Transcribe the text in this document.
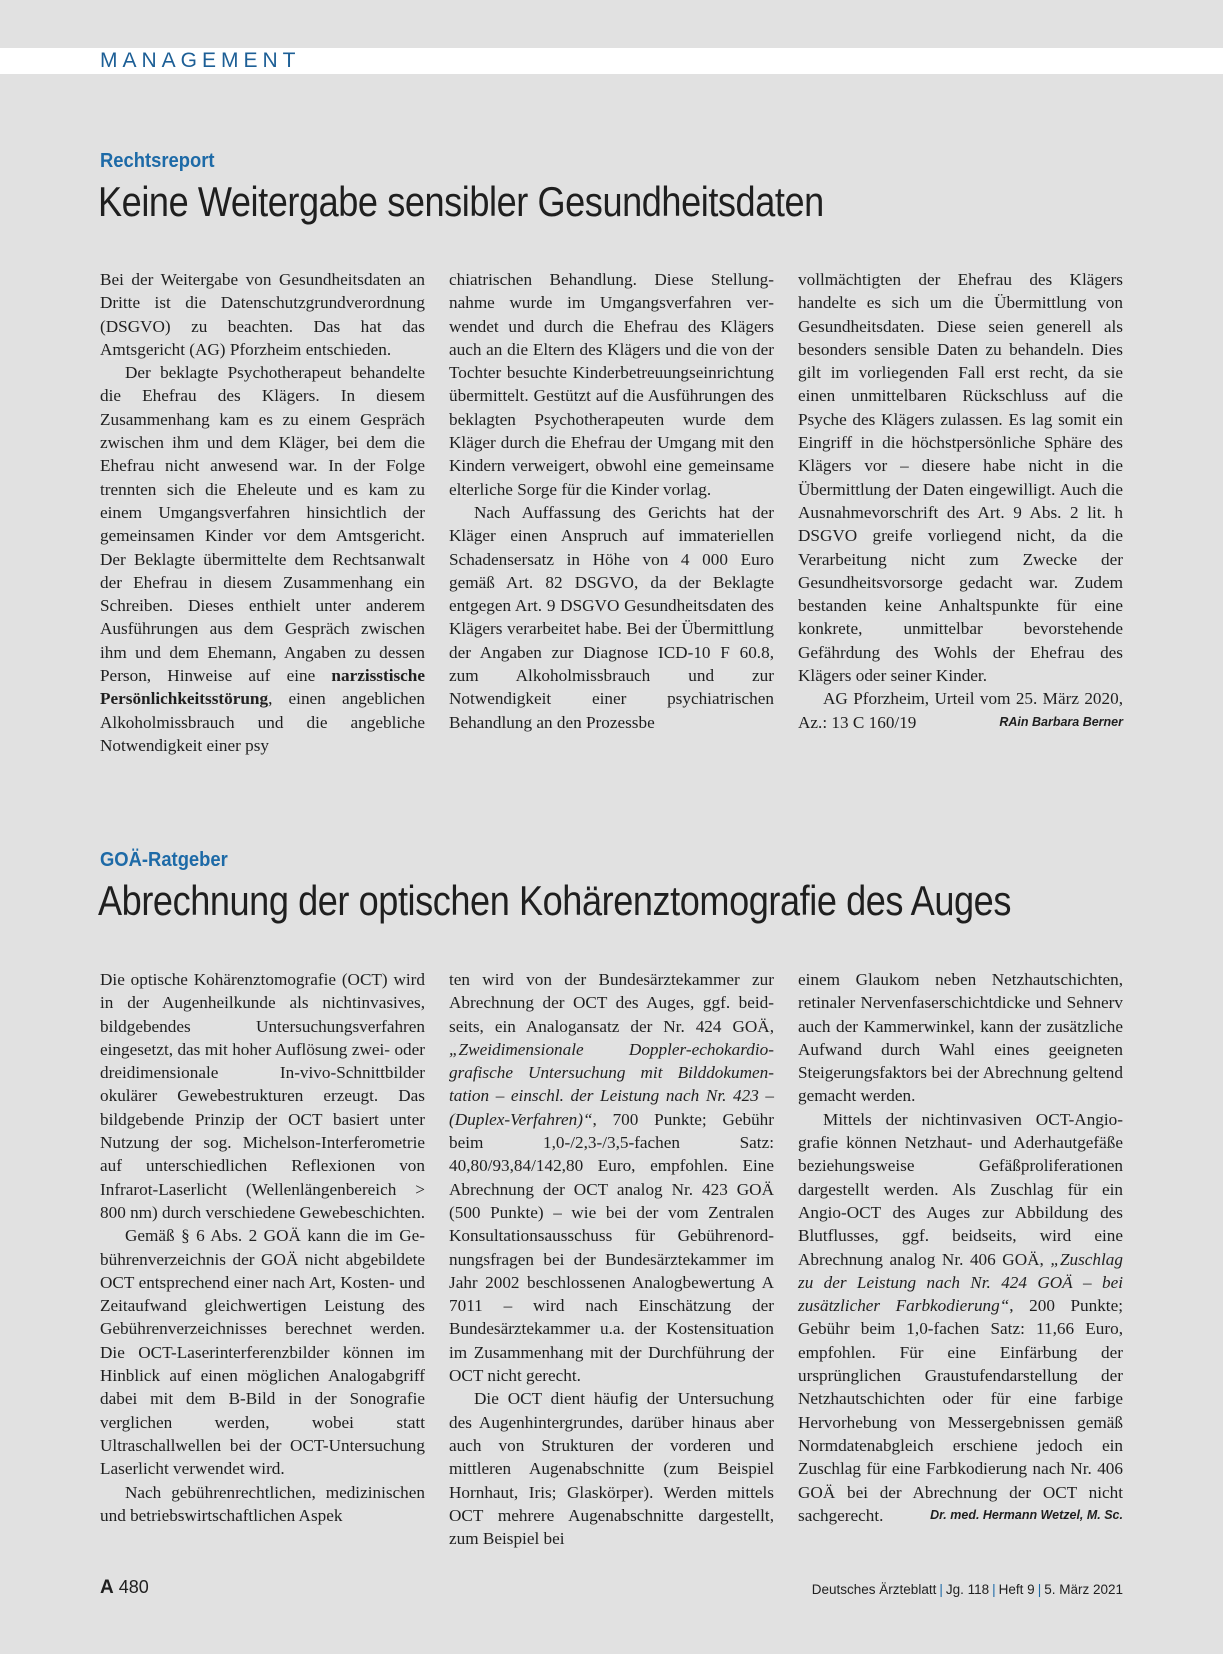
MANAGEMENT
Rechtsreport
Keine Weitergabe sensibler Gesundheitsdaten

Bei der Weitergabe von Gesundheitsdaten an Dritte ist die Datenschutzgrundverordnung (DSGVO) zu beachten. Das hat das Amtsgericht (AG) Pforzheim entschieden.

Der beklagte Psychotherapeut behandelte die Ehefrau des Klägers. In diesem Zusammenhang kam es zu einem Gespräch zwischen ihm und dem Kläger, bei dem die Ehefrau nicht anwesend war. In der Folge trennten sich die Eheleute und es kam zu einem Umgangsverfahren hinsichtlich der gemeinsamen Kinder vor dem Amtsgericht. Der Beklagte übermittelte dem Rechtsanwalt der Ehefrau in diesem Zusammenhang ein Schreiben. Dieses enthielt unter anderem Ausführungen aus dem Gespräch zwischen ihm und dem Ehemann, Angaben zu dessen Person, Hinweise auf eine narzisstische Persönlichkeitsstörung, einen angeblichen Alkoholmissbrauch und die angebliche Notwendigkeit einer psy

chiatrischen Behandlung. Diese Stellungnahme wurde im Umgangsverfahren verwendet und durch die Ehefrau des Klägers auch an die Eltern des Klägers und die von der Tochter besuchte Kinderbetreuungseinrichtung übermittelt. Gestützt auf die Ausführungen des beklagten Psychotherapeuten wurde dem Kläger durch die Ehefrau der Umgang mit den Kindern verweigert, obwohl eine gemeinsame elterliche Sorge für die Kinder vorlag.

Nach Auffassung des Gerichts hat der Kläger einen Anspruch auf immateriellen Schadensersatz in Höhe von 4 000 Euro gemäß Art. 82 DSGVO, da der Beklagte entgegen Art. 9 DSGVO Gesundheitsdaten des Klägers verarbeitet habe. Bei der Übermittlung der Angaben zur Diagnose ICD-10 F 60.8, zum Alkoholmissbrauch und zur Notwendigkeit einer psychiatrischen Behandlung an den Prozessbe

vollmächtigten der Ehefrau des Klägers handelte es sich um die Übermittlung von Gesundheitsdaten. Diese seien generell als besonders sensible Daten zu behandeln. Dies gilt im vorliegenden Fall erst recht, da sie einen unmittelbaren Rückschluss auf die Psyche des Klägers zulassen. Es lag somit ein Eingriff in die höchstpersönliche Sphäre des Klägers vor – diesere habe nicht in die Übermittlung der Daten eingewilligt. Auch die Ausnahmevorschrift des Art. 9 Abs. 2 lit. h DSGVO greife vorliegend nicht, da die Verarbeitung nicht zum Zwecke der Gesundheitsvorsorge gedacht war. Zudem bestanden keine Anhaltspunkte für eine konkrete, unmittelbar bevorstehende Gefährdung des Wohls der Ehefrau des Klägers oder seiner Kinder.

AG Pforzheim, Urteil vom 25. März 2020, Az.: 13 C 160/19	RAin Barbara Berner

GOÄ-Ratgeber
Abrechnung der optischen Kohärenztomografie des Auges

Die optische Kohärenztomografie (OCT) wird in der Augenheilkunde als nichtinvasives, bildgebendes Untersuchungsverfahren eingesetzt, das mit hoher Auflösung zwei- oder dreidimensionale In-vivo-Schnittbilder okulärer Gewebestrukturen erzeugt. Das bildgebende Prinzip der OCT basiert unter Nutzung der sog. Michelson-Interferometrie auf unterschiedlichen Reflexionen von Infrarot-Laserlicht (Wellenlängenbereich > 800 nm) durch verschiedene Gewebeschichten.

Gemäß § 6 Abs. 2 GOÄ kann die im Gebührenverzeichnis der GOÄ nicht abgebildete OCT entsprechend einer nach Art, Kosten- und Zeitaufwand gleichwertigen Leistung des Gebührenverzeichnisses berechnet werden. Die OCT-Laserinterferenzbilder können im Hinblick auf einen möglichen Analogabgriff dabei mit dem B-Bild in der Sonografie verglichen werden, wobei statt Ultraschallwellen bei der OCT-Untersuchung Laserlicht verwendet wird.

Nach gebührenrechtlichen, medizinischen und betriebswirtschaftlichen Aspek

ten wird von der Bundesärztekammer zur Abrechnung der OCT des Auges, ggf. beidseits, ein Analogansatz der Nr. 424 GOÄ, „Zweidimensionale Doppler-echokardiografische Untersuchung mit Bilddokumentation – einschl. der Leistung nach Nr. 423 – (Duplex-Verfahren)“, 700 Punkte; Gebühr beim 1,0-/2,3-/3,5-fachen Satz: 40,80/93,84/142,80 Euro, empfohlen. Eine Abrechnung der OCT analog Nr. 423 GOÄ (500 Punkte) – wie bei der vom Zentralen Konsultationsausschuss für Gebührenordnungsfragen bei der Bundesärztekammer im Jahr 2002 beschlossenen Analogbewertung A 7011 – wird nach Einschätzung der Bundesärztekammer u.a. der Kostensituation im Zusammenhang mit der Durchführung der OCT nicht gerecht.

Die OCT dient häufig der Untersuchung des Augenhintergrundes, darüber hinaus aber auch von Strukturen der vorderen und mittleren Augenabschnitte (zum Beispiel Hornhaut, Iris; Glaskörper). Werden mittels OCT mehrere Augenabschnitte dargestellt, zum Beispiel bei

einem Glaukom neben Netzhautschichten, retinaler Nervenfaserschichtdicke und Sehnerv auch der Kammerwinkel, kann der zusätzliche Aufwand durch Wahl eines geeigneten Steigerungsfaktors bei der Abrechnung geltend gemacht werden.

Mittels der nichtinvasiven OCT-Angiografie können Netzhaut- und Aderhautgefäße beziehungsweise Gefäßproliferationen dargestellt werden. Als Zuschlag für ein Angio-OCT des Auges zur Abbildung des Blutflusses, ggf. beidseits, wird eine Abrechnung analog Nr. 406 GOÄ, „Zuschlag zu der Leistung nach Nr. 424 GOÄ – bei zusätzlicher Farbkodierung“, 200 Punkte; Gebühr beim 1,0-fachen Satz: 11,66 Euro, empfohlen. Für eine Einfärbung der ursprünglichen Graustufendarstellung der Netzhautschichten oder für eine farbige Hervorhebung von Messergebnissen gemäß Normdatenabgleich erschiene jedoch ein Zuschlag für eine Farbkodierung nach Nr. 406 GOÄ bei der Abrechnung der OCT nicht sachgerecht.	Dr. med. Hermann Wetzel, M. Sc.

A 480	Deutsches Ärzteblatt | Jg. 118 | Heft 9 | 5. März 2021
